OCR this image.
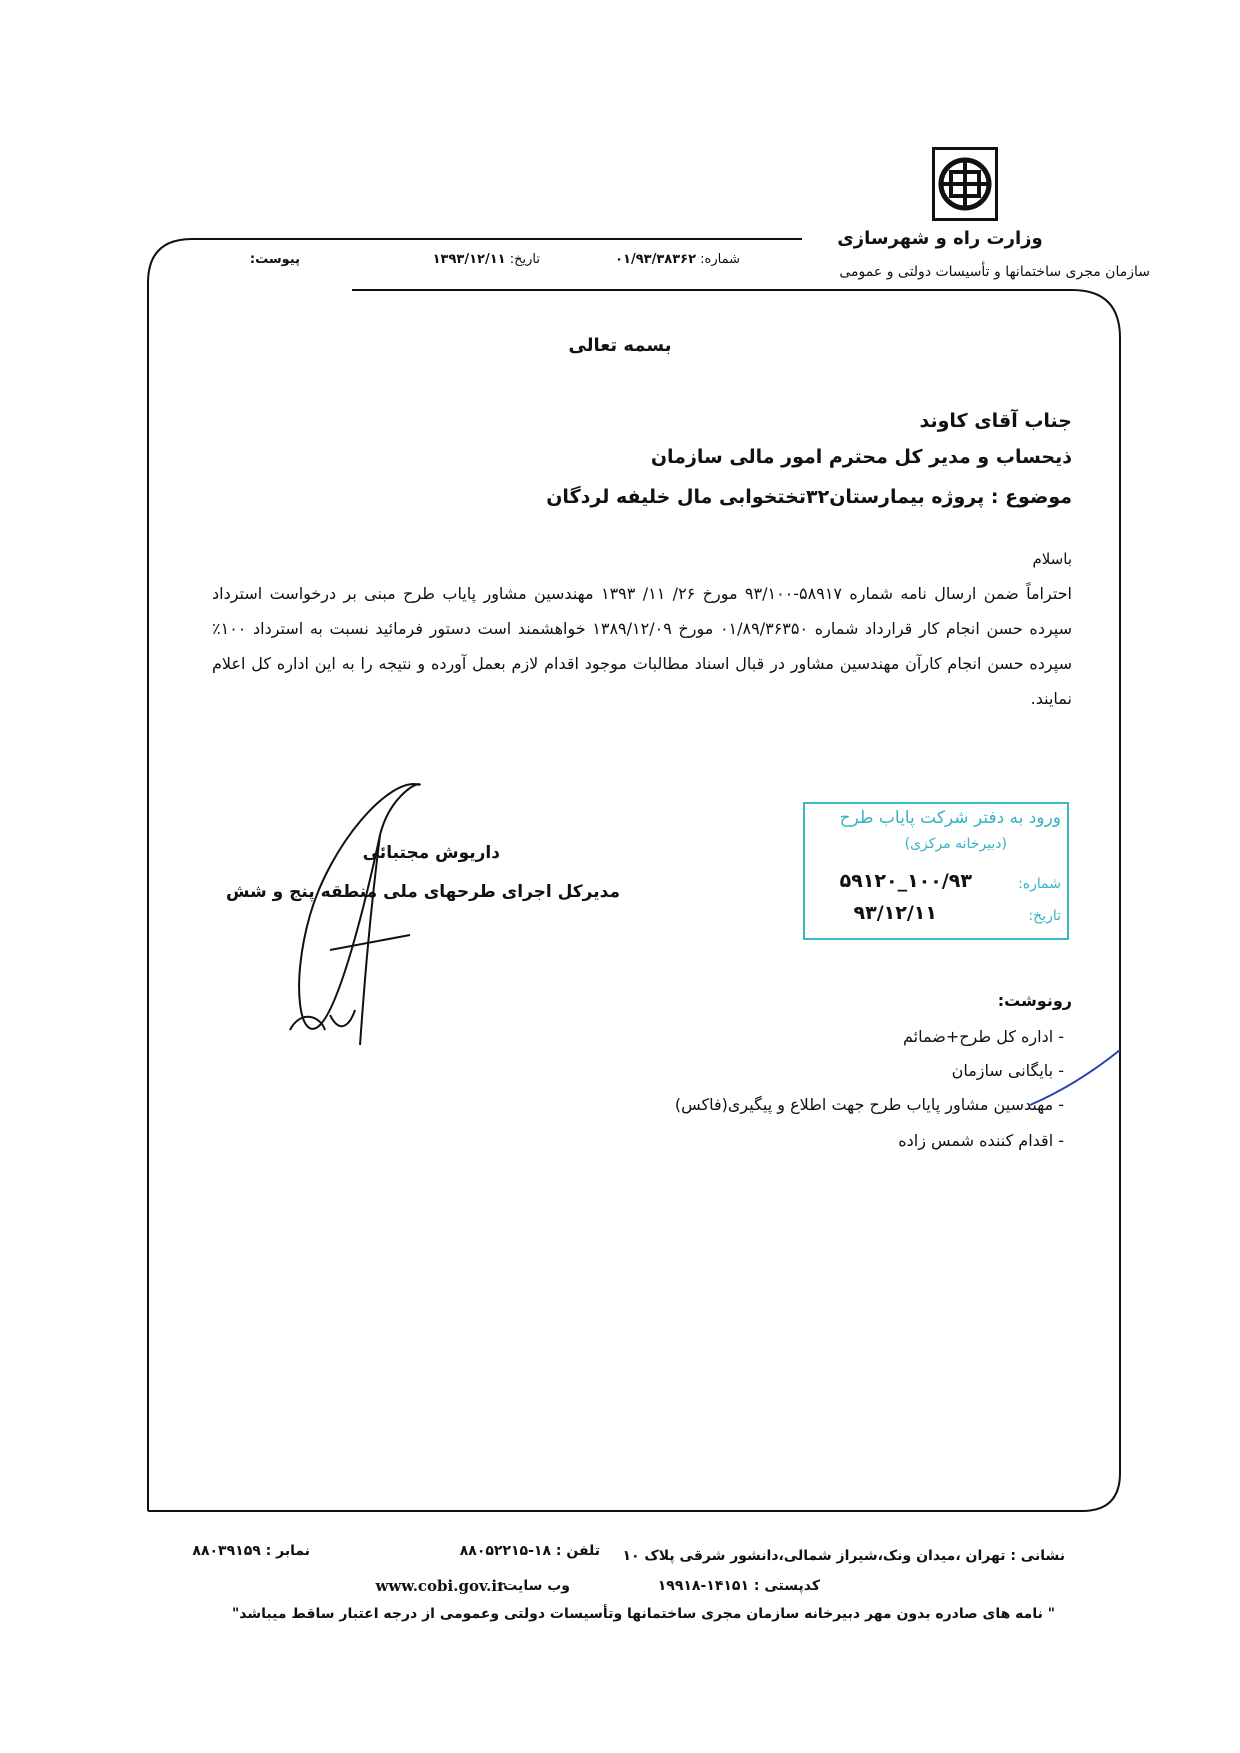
وزارت راه و شهرسازی
سازمان مجری ساختمانها و تأسیسات دولتی و عمومی
شماره: ۰۱/۹۳/۳۸۳۶۲
تاریخ: ۱۳۹۳/۱۲/۱۱
پیوست:
بسمه تعالی
جناب آقای کاوند
ذیحساب و مدیر کل محترم امور مالی سازمان
موضوع : پروژه بیمارستان۳۲تختخوابی مال خلیفه لردگان
باسلام
احتراماً ضمن ارسال نامه شماره ۵۸۹۱۷-۹۳/۱۰۰ مورخ ۲۶/ ۱۱/ ۱۳۹۳ مهندسین مشاور پایاب طرح مبنی بر درخواست استرداد سپرده حسن انجام کار قرارداد شماره ۰۱/۸۹/۳۶۳۵۰ مورخ ۱۳۸۹/۱۲/۰۹ خواهشمند است دستور فرمائید نسبت به استرداد ۱۰۰٪ سپرده حسن انجام کارآن مهندسین مشاور در قبال اسناد مطالبات موجود اقدام لازم بعمل آورده و نتیجه را به این اداره کل اعلام نمایند.
داریوش مجتبائی
مدیرکل اجرای طرحهای ملی منطقه پنج و شش
ورود به دفتر شرکت پایاب طرح
(دبیرخانه مرکزی)
شماره:
۱۰۰/۹۳_۵۹۱۲۰
تاریخ:
۹۳/۱۲/۱۱
رونوشت:
- اداره کل طرح+ضمائم
- بایگانی سازمان
- مهندسین مشاور پایاب طرح جهت اطلاع و پیگیری(فاکس)
- اقدام کننده شمس زاده
نشانی : تهران ،میدان ونک،شیراز شمالی،دانشور شرقی پلاک ۱۰
تلفن : ۱۸-۸۸۰۵۲۲۱۵
نمابر : ۸۸۰۳۹۱۵۹
کدپستی : ۱۴۱۵۱-۱۹۹۱۸
وب سایت:
www.cobi.gov.ir
" نامه های صادره بدون مهر دبیرخانه سازمان مجری ساختمانها وتأسیسات دولتی وعمومی از درجه اعتبار ساقط میباشد"
